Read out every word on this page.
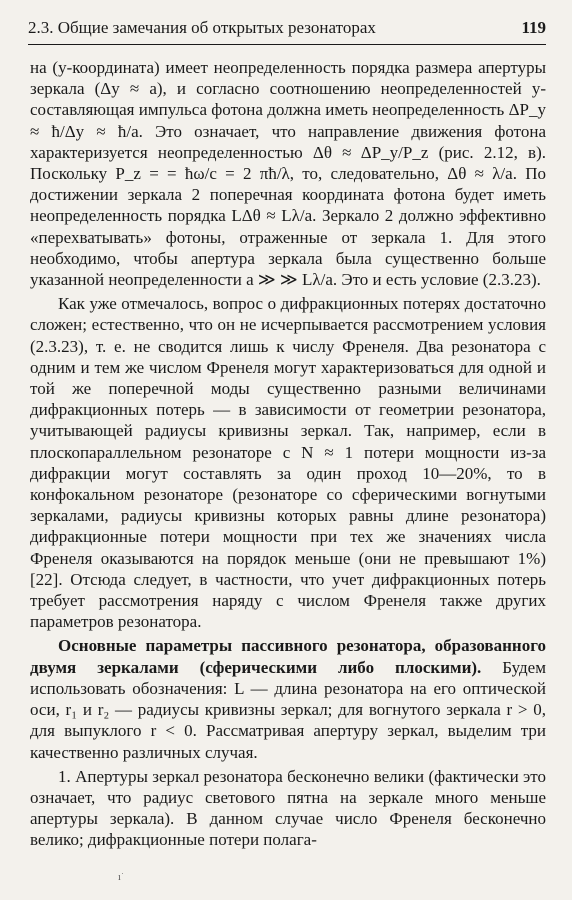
2.3. Общие замечания об открытых резонаторах	119

на (y-координата) имеет неопределенность порядка размера апертуры зеркала (Δy ≈ a), и согласно соотношению неопределенностей y-составляющая импульса фотона должна иметь неопределенность ΔP_y ≈ ħ/Δy ≈ ħ/a. Это означает, что направление движения фотона характеризуется неопределенностью Δθ ≈ ΔP_y/P_z (рис. 2.12, в). Поскольку P_z = = ħω/c = 2 πħ/λ, то, следовательно, Δθ ≈ λ/a. По достижении зеркала 2 поперечная координата фотона будет иметь неопределенность порядка LΔθ ≈ Lλ/a. Зеркало 2 должно эффективно «перехватывать» фотоны, отраженные от зеркала 1. Для этого необходимо, чтобы апертура зеркала была существенно больше указанной неопределенности a ≫ ≫ Lλ/a. Это и есть условие (2.3.23).

Как уже отмечалось, вопрос о дифракционных потерях достаточно сложен; естественно, что он не исчерпывается рассмотрением условия (2.3.23), т. е. не сводится лишь к числу Френеля. Два резонатора с одним и тем же числом Френеля могут характеризоваться для одной и той же поперечной моды существенно разными величинами дифракционных потерь — в зависимости от геометрии резонатора, учитывающей радиусы кривизны зеркал. Так, например, если в плоскопараллельном резонаторе с N ≈ 1 потери мощности из-за дифракции могут составлять за один проход 10—20%, то в конфокальном резонаторе (резонаторе со сферическими вогнутыми зеркалами, радиусы кривизны которых равны длине резонатора) дифракционные потери мощности при тех же значениях числа Френеля оказываются на порядок меньше (они не превышают 1%) [22]. Отсюда следует, в частности, что учет дифракционных потерь требует рассмотрения наряду с числом Френеля также других параметров резонатора.

Основные параметры пассивного резонатора, образованного двумя зеркалами (сферическими либо плоскими). Будем использовать обозначения: L — длина резонатора на его оптической оси, r₁ и r₂ — радиусы кривизны зеркал; для вогнутого зеркала r > 0, для выпуклого r < 0. Рассматривая апертуру зеркал, выделим три качественно различных случая.

1. Апертуры зеркал резонатора бесконечно велики (фактически это означает, что радиус светового пятна на зеркале много меньше апертуры зеркала). В данном случае число Френеля бесконечно велико; дифракционные потери полага-

ı͘
